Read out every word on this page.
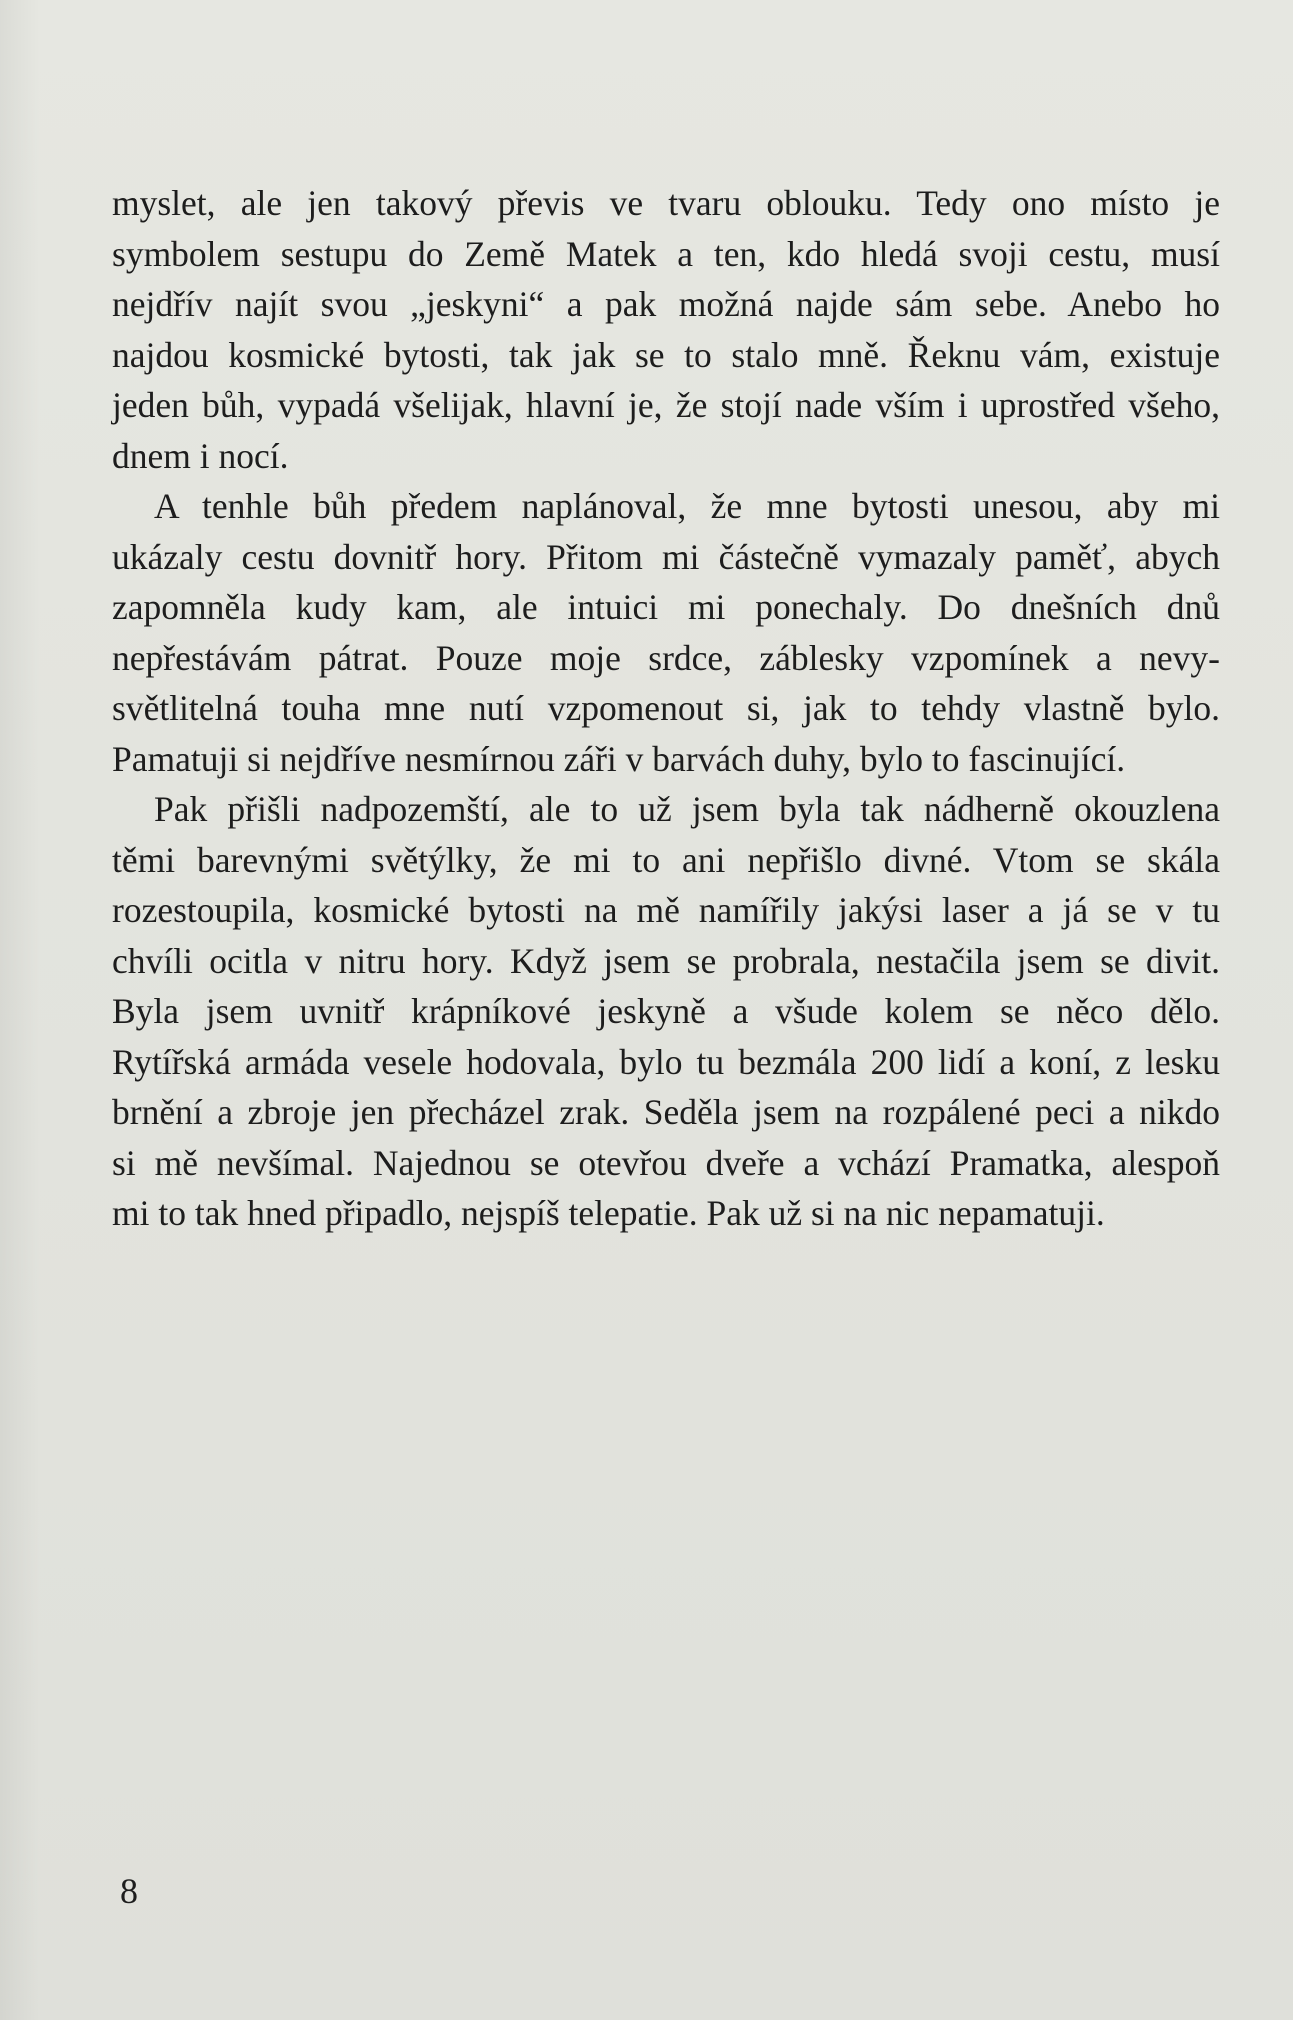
myslet, ale jen takový převis ve tvaru oblouku. Tedy ono místo je
symbolem sestupu do Země Matek a ten, kdo hledá svoji cestu, musí
nejdřív najít svou „jeskyni“ a pak možná najde sám sebe. Anebo ho
najdou kosmické bytosti, tak jak se to stalo mně. Řeknu vám, existuje
jeden bůh, vypadá všelijak, hlavní je, že stojí nade vším i uprostřed všeho,
dnem i nocí.

A tenhle bůh předem naplánoval, že mne bytosti unesou, aby mi
ukázaly cestu dovnitř hory. Přitom mi částečně vymazaly paměť, abych
zapomněla kudy kam, ale intuici mi ponechaly. Do dnešních dnů
nepřestávám pátrat. Pouze moje srdce, záblesky vzpomínek a nevy-
světlitelná touha mne nutí vzpomenout si, jak to tehdy vlastně bylo.
Pamatuji si nejdříve nesmírnou záři v barvách duhy, bylo to fascinující.

Pak přišli nadpozemští, ale to už jsem byla tak nádherně okouzlena
těmi barevnými světýlky, že mi to ani nepřišlo divné. Vtom se skála
rozestoupila, kosmické bytosti na mě namířily jakýsi laser a já se v tu
chvíli ocitla v nitru hory. Když jsem se probrala, nestačila jsem se divit.
Byla jsem uvnitř krápníkové jeskyně a všude kolem se něco dělo.
Rytířská armáda vesele hodovala, bylo tu bezmála 200 lidí a koní, z lesku
brnění a zbroje jen přecházel zrak. Seděla jsem na rozpálené peci a nikdo
si mě nevšímal. Najednou se otevřou dveře a vchází Pramatka, alespoň
mi to tak hned připadlo, nejspíš telepatie. Pak už si na nic nepamatuji.

8
